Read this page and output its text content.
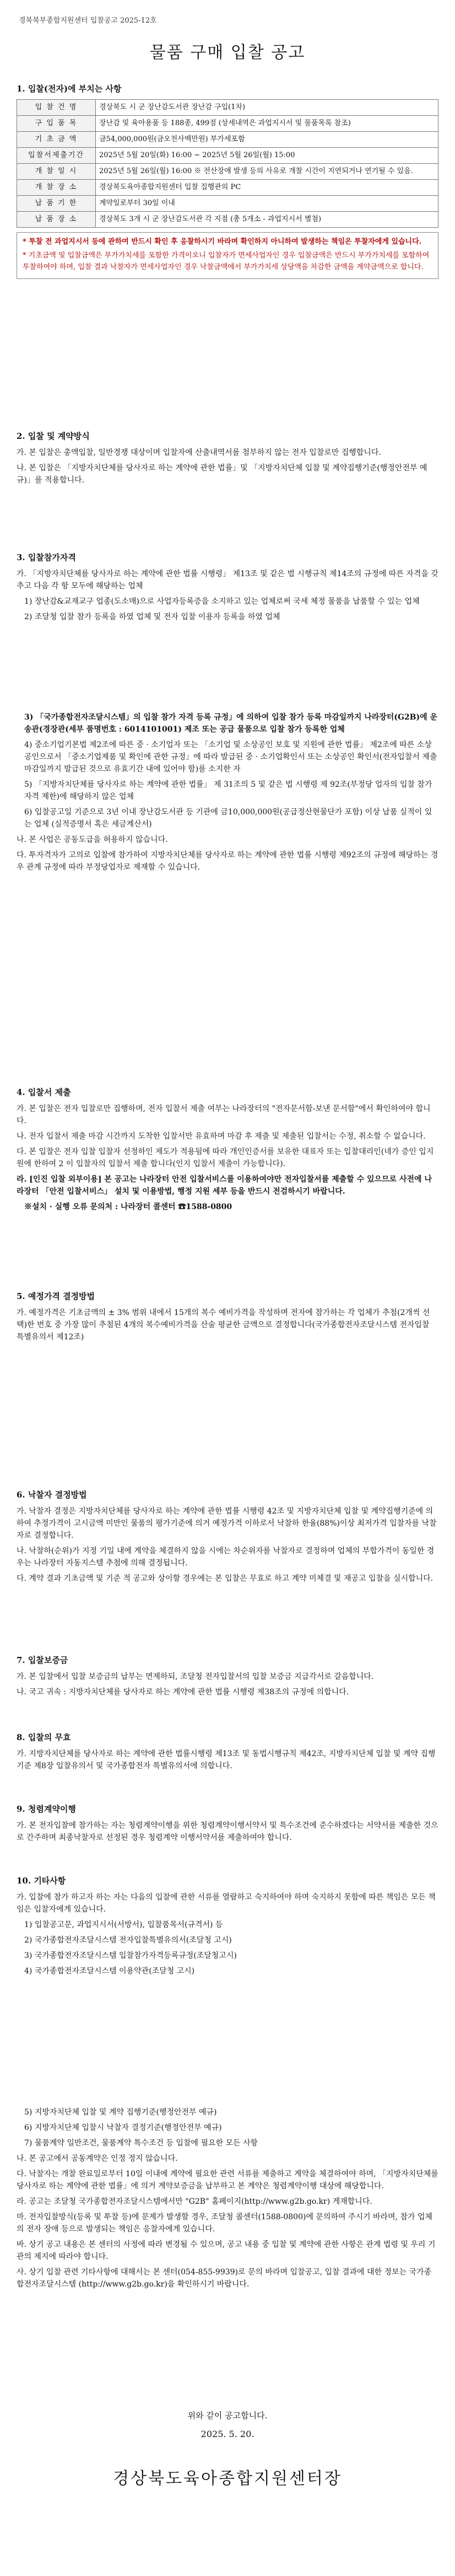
경북북부종합지원센터 입찰공고 2025-12호
물품 구매 입찰 공고
1. 입찰(전자)에 부치는 사항
입 찰 건 명	경상북도 시 군 장난감도서관 장난감 구입(1차)
구 입 품 목	장난감 및 육아용품 등 188종, 499점 (상세내역은 과업지시서 및 물품목록 참조)
기 초 금 액	금54,000,000원(금오천사백만원) 부가세포함
입찰서제출기간	2025년 5월 20일(화) 16:00 ~ 2025년 5월 26일(월) 15:00
개 찰 일 시	2025년 5월 26일(월) 16:00 ※ 전산장애 발생 등의 사유로 개찰 시간이 지연되거나 연기될 수 있음.
개 찰 장 소	경상북도육아종합지원센터 입찰 집행관의 PC
납 품 기 한	계약일로부터 30일 이내
납 품 장 소	경상북도 3개 시 군 장난감도서관 각 지점 (총 5개소 - 과업지시서 별첨)

* 투찰 전 과업지시서 등에 관하여 반드시 확인 후 응찰하시기 바라며 확인하지 아니하여 발생하는 책임은 투찰자에게 있습니다.

* 기초금액 및 입찰금액은 부가가치세를 포함한 가격이오니 입찰자가 면세사업자인 경우 입찰금액은 반드시 부가가치세를 포함하여 투찰하여야 하며, 입찰 결과 낙찰자가 면세사업자인 경우 낙찰금액에서 부가가치세 상당액을 차감한 금액을 계약금액으로 합니다.

2. 입찰 및 계약방식

가. 본 입찰은 총액입찰, 일반경쟁 대상이며 입찰자에 산출내역서를 첨부하지 않는 전자 입찰로만 집행합니다.

나. 본 입찰은 「지방자치단체를 당사자로 하는 계약에 관한 법률」및 「지방자치단체 입찰 및 계약집행기준(행정안전부 예규)」를 적용합니다.

3. 입찰참가자격

가. 「지방자치단체를 당사자로 하는 계약에 관한 법률 시행령」 제13조 및 같은 법 시행규칙 제14조의 규정에 따른 자격을 갖추고 다음 각 항 모두에 해당하는 업체

1) 장난감&교재교구 업종(도소매)으로 사업자등록증을 소지하고 있는 업체로써 국세 체정 물품을 납품할 수 있는 업체

2) 조달청 입찰 참가 등록을 하였 업체 및 전자 입찰 이용자 등록을 하였 업체

3) 「국가종합전자조달시스템」의 입찰 참가 자격 등록 규정」에 의하여 입찰 참가 등록 마감일까지 나라장터(G2B)에 운송관(경장관(세부 품명번호 : 6014101001) 제조 또는 공급 물품으로 입찰 참가 등록한 업체

4) 중소기업기본법 제2조에 따른 중 · 소기업자 또는 「소기업 및 소상공인 보호 및 지원에 관한 법률」 제2조에 따른 소상공인으로서 「중소기업제품 및 확인에 관한 규정」에 따라 발급된 중 · 소기업확인서 또는 소상공인 확인서(전자입찰서 제출 마감일까지 발급된 것으로 유효기간 내에 있어야 함)를 소지한 자

5) 「지방자치단체를 당사자로 하는 계약에 관한 법률」 제 31조의 5 및 같은 법 시행령 제 92조(부정당 업자의 입찰 참가 자격 제한)에 해당하지 않은 업체

6) 입찰공고일 기준으로 3년 이내 장난감도서관 등 기관에 금10,000,000원(공급정산현물단가 포함) 이상 납품 실적이 있는 업체 (실적증명서 혹은 세금계산서)

나. 본 사업은 공동도급을 허용하지 않습니다.

다. 투자격자가 고의로 입찰에 참가하여 지방자치단체를 당사자로 하는 계약에 관한 법률 시행령 제92조의 규정에 해당하는 경우 관계 규정에 따라 부정당업자로 제재할 수 있습니다.

4. 입찰서 제출

가. 본 입찰은 전자 입찰로만 집행하며, 전자 입찰서 제출 여부는 나라장터의 "전자문서함-보낸 문서함"에서 확인하여야 합니다.

나. 전자 입찰서 제출 마감 시간까지 도착한 입찰서만 유효하며 마감 후 제출 및 제출된 입찰서는 수정, 취소할 수 없습니다.

다. 본 입찰은 전자 입찰 입찰자 선정하인 제도가 적용됨에 따라 개인인증서를 보유한 대표자 또는 입찰대리인(네가 증인 입지원에 한하여 2 이 입찰자의 입찰서 제출 합니다(인지 입찰서 제출이 가능합니다).

라. [인진 입찰 외부이용] 본 공고는 나라장터 안전 입찰서비스를 이용하여야만 전자입찰서를 제출할 수 있으므로 사전에 나라장터 「안전 입찰서비스」 설치 및 이용방법, 행정 지원 세부 등을 반드시 전검하시기 바랍니다.

※설치 · 실행 오류 문의처 : 나라장터 콜센터 ☎1588-0800

5. 예정가격 결정방법

가. 예정가격은 기초금액의 ± 3% 범위 내에서 15개의 복수 예비가격을 작성하며 전자에 참가하는 각 업체가 추첨(2개씩 선택)한 번호 중 가장 많이 추첨된 4개의 복수예비가격을 산술 평균한 금액으로 결정합니다(국가종합전자조달시스템 전자입찰 특별유의서 제12조)

6. 낙찰자 결정방법

가. 낙찰자 결정은 지방자치단체를 당사자로 하는 계약에 관한 법률 시행령 42조 및 지방자치단체 입찰 및 계약집행기준에 의하여 추정가격이 고시금액 미만인 물품의 평가기준에 의거 예정가격 이하로서 낙찰하 한율(88%)이상 최저가격 입찰자를 낙찰자로 결정합니다.

나. 낙찰하(순위)가 지정 기일 내에 계약을 체결하지 않을 시에는 차순위자를 낙찰자로 결정하며 업체의 부합가격이 동일한 경우는 나라장터 자동지스템 추첨에 의해 결정됩니다.

다. 계약 결과 기초금액 및 기준 적 공고와 상이할 경우에는 본 입찰은 무효로 하고 계약 미체결 및 재공고 입찰을 실시합니다.

7. 입찰보증금

가. 본 입찰에서 입찰 보증금의 납부는 면제하되, 조달청 전자입찰서의 입찰 보증금 지급각서로 갈음합니다.

나. 국고 귀속 : 지방자치단체를 당사자로 하는 계약에 관한 법률 시행령 제38조의 규정에 의합니다.

8. 입찰의 무효

가. 지방자치단체를 당사자로 하는 계약에 관한 법률시행령 제13조 및 동법시행규칙 제42조, 지방자치단체 입찰 및 계약 집행 기준 제8장 입찰유의서 및 국가종합전자 특별유의서에 의합니다.

9. 청렴계약이행

가. 본 전자입찰에 참가하는 자는 청렴계약이행을 위한 청렴계약이행서약서 및 특수조건에 준수하겠다는 서약서를 제출한 것으로 간주하며 최종낙찰자로 선정된 경우 청렴계약 이행서약서를 제출하여야 합니다.

10. 기타사항

가. 입찰에 참가 하고자 하는 자는 다음의 입찰에 관한 서류를 열람하고 숙지하여야 하며 숙지하지 못함에 따른 책임은 모든 책임은 입찰자에게 있습니다.

1) 입찰공고문, 과업지시서(서방서), 입찰품목서(규격서) 등

2) 국가종합전자조달시스템 전자입찰특별유의서(조달청 고시)

3) 국가종합전자조달시스템 입찰참가자격등록규정(조달청고시)

4) 국가종합전자조달시스템 이용약관(조달청 고시)

5) 지방자치단체 입찰 및 계약 집행기준(행정안전부 예규)

6) 지방자치단체 입찰시 낙찰자 결정기준(행정안전부 예규)

7) 물품계약 일반조건, 물품계약 특수조건 등 입찰에 필요한 모든 사항

나. 본 공고에서 공동계약은 인정 정지 않습니다.

다. 낙찰자는 개찰 완료일로부터 10일 이내에 계약에 필요한 관련 서류를 제출하고 계약을 체결하여야 하며, 「지방자치단체를 당사자로 하는 계약에 관한 법률」에 의거 계약보증금을 납부하고 본 계약은 청렴계약이행 대상에 해당합니다.

라. 공고는 조달청 국가종합전자조달시스템에서만 "G2B" 홈페이지(http://www.g2b.go.kr) 게재합니다.

마. 전자입찰방식(등록 및 투찰 등)에 문제가 발생할 경우, 조달청 콜센터(1588-0800)에 문의하여 주시기 바라며, 참가 업체의 전자 장애 등으로 발생되는 책임은 응찰자에게 있습니다.

바. 상기 공고 내용은 본 센터의 사정에 따라 변경될 수 있으며, 공고 내용 중 입찰 및 계약에 관한 사항은 관계 법령 및 우리 기관의 제지에 따라야 합니다.

사. 상기 입찰 관련 기타사항에 대해서는 본 센터(054-855-9939)로 문의 바라며 입찰공고, 입찰 결과에 대한 정보는 국가종합전자조달시스템 (http://www.g2b.go.kr)을 확인하시기 바랍니다.

위와 같이 공고합니다.
2025. 5. 20.
경상북도육아종합지원센터장
